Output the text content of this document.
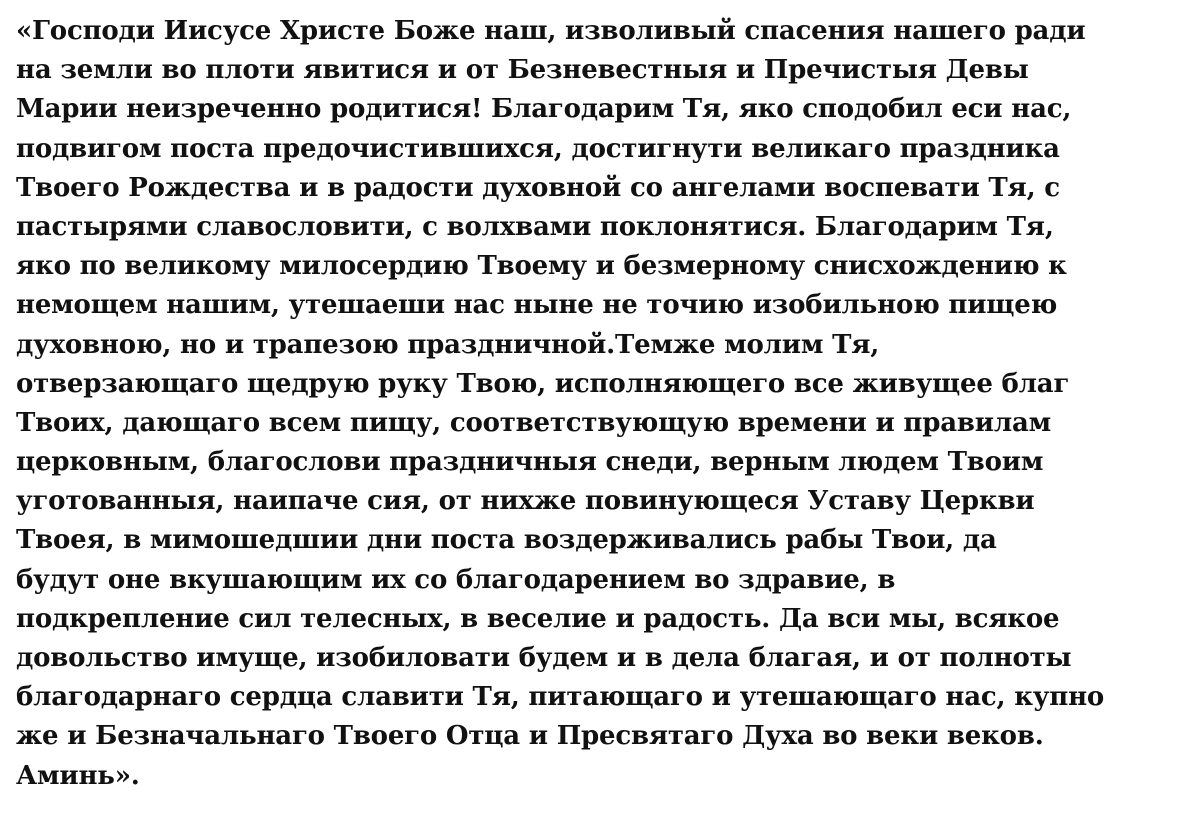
«Господи Иисусе Христе Боже наш, изволивый спасения нашего ради
на земли во плоти явитися и от Безневестныя и Пречистыя Девы
Марии неизреченно родитися! Благодарим Тя, яко сподобил еси нас,
подвигом поста предочистившихся, достигнути великаго праздника
Твоего Рождества и в радости духовной со ангелами воспевати Тя, с
пастырями славословити, с волхвами поклонятися. Благодарим Тя,
яко по великому милосердию Твоему и безмерному снисхождению к
немощем нашим, утешаеши нас ныне не точию изобильною пищею
духовною, но и трапезою праздничной.Темже молим Тя,
отверзающаго щедрую руку Твою, исполняющего все живущее благ
Твоих, дающаго всем пищу, соответствующую времени и правилам
церковным, благослови праздничныя снеди, верным людем Твоим
уготованныя, наипаче сия, от нихже повинующеся Уставу Церкви
Твоея, в мимошедшии дни поста воздерживались рабы Твои, да
будут оне вкушающим их со благодарением во здравие, в
подкрепление сил телесных, в веселие и радость. Да вси мы, всякое
довольство имуще, изобиловати будем и в дела благая, и от полноты
благодарнаго сердца славити Тя, питающаго и утешающаго нас, купно
же и Безначальнаго Твоего Отца и Пресвятаго Духа во веки веков.
Аминь».
